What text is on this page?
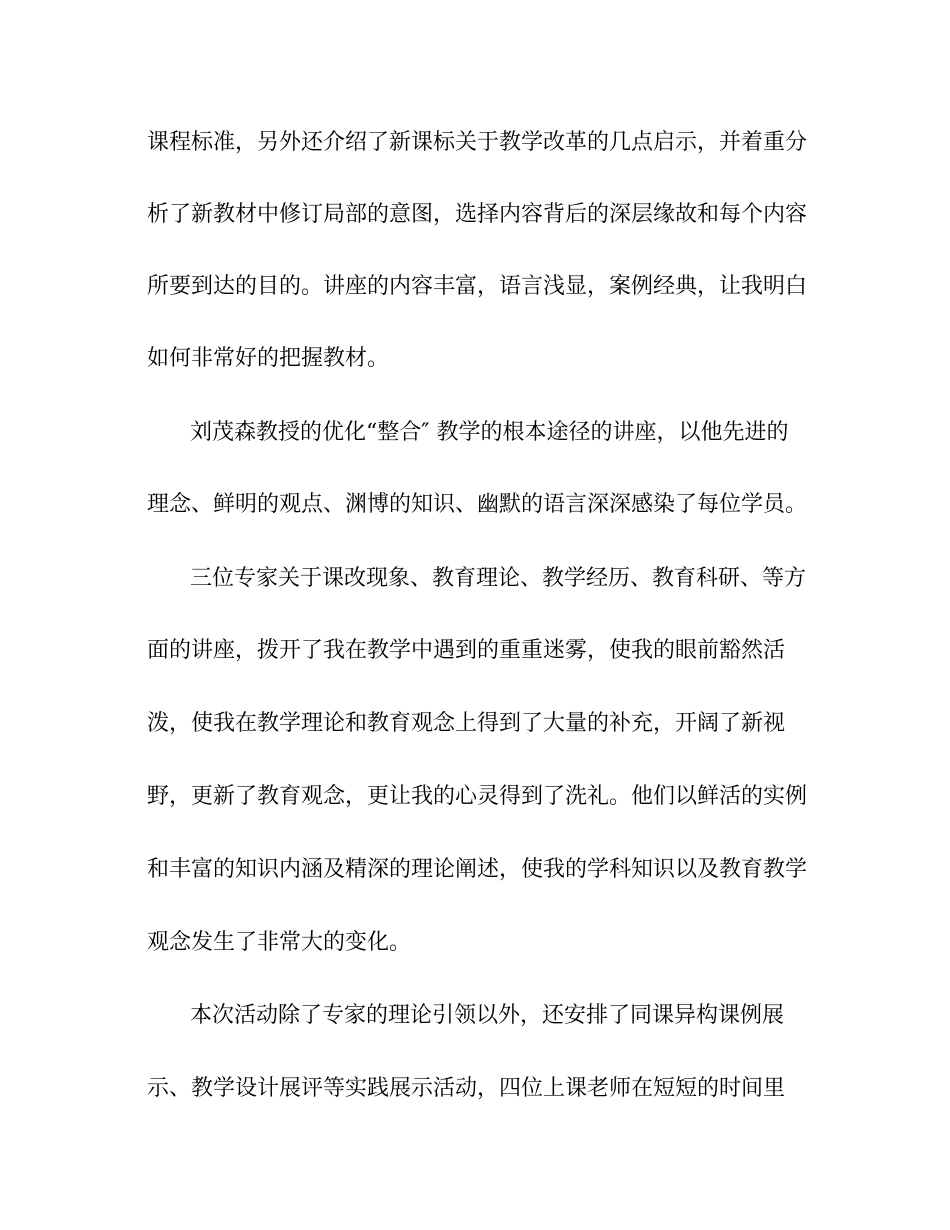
课程标准，另外还介绍了新课标关于教学改革的几点启示，并着重分
析了新教材中修订局部的意图，选择内容背后的深层缘故和每个内容
所要到达的目的。讲座的内容丰富，语言浅显，案例经典，让我明白
如何非常好的把握教材。
刘茂森教授的优化“整合″ 教学的根本途径的讲座，以他先进的
理念、鲜明的观点、渊博的知识、幽默的语言深深感染了每位学员。
三位专家关于课改现象、教育理论、教学经历、教育科研、等方
面的讲座，拨开了我在教学中遇到的重重迷雾，使我的眼前豁然活
泼，使我在教学理论和教育观念上得到了大量的补充，开阔了新视
野，更新了教育观念，更让我的心灵得到了洗礼。他们以鲜活的实例
和丰富的知识内涵及精深的理论阐述，使我的学科知识以及教育教学
观念发生了非常大的变化。
本次活动除了专家的理论引领以外，还安排了同课异构课例展
示、教学设计展评等实践展示活动，四位上课老师在短短的时间里
